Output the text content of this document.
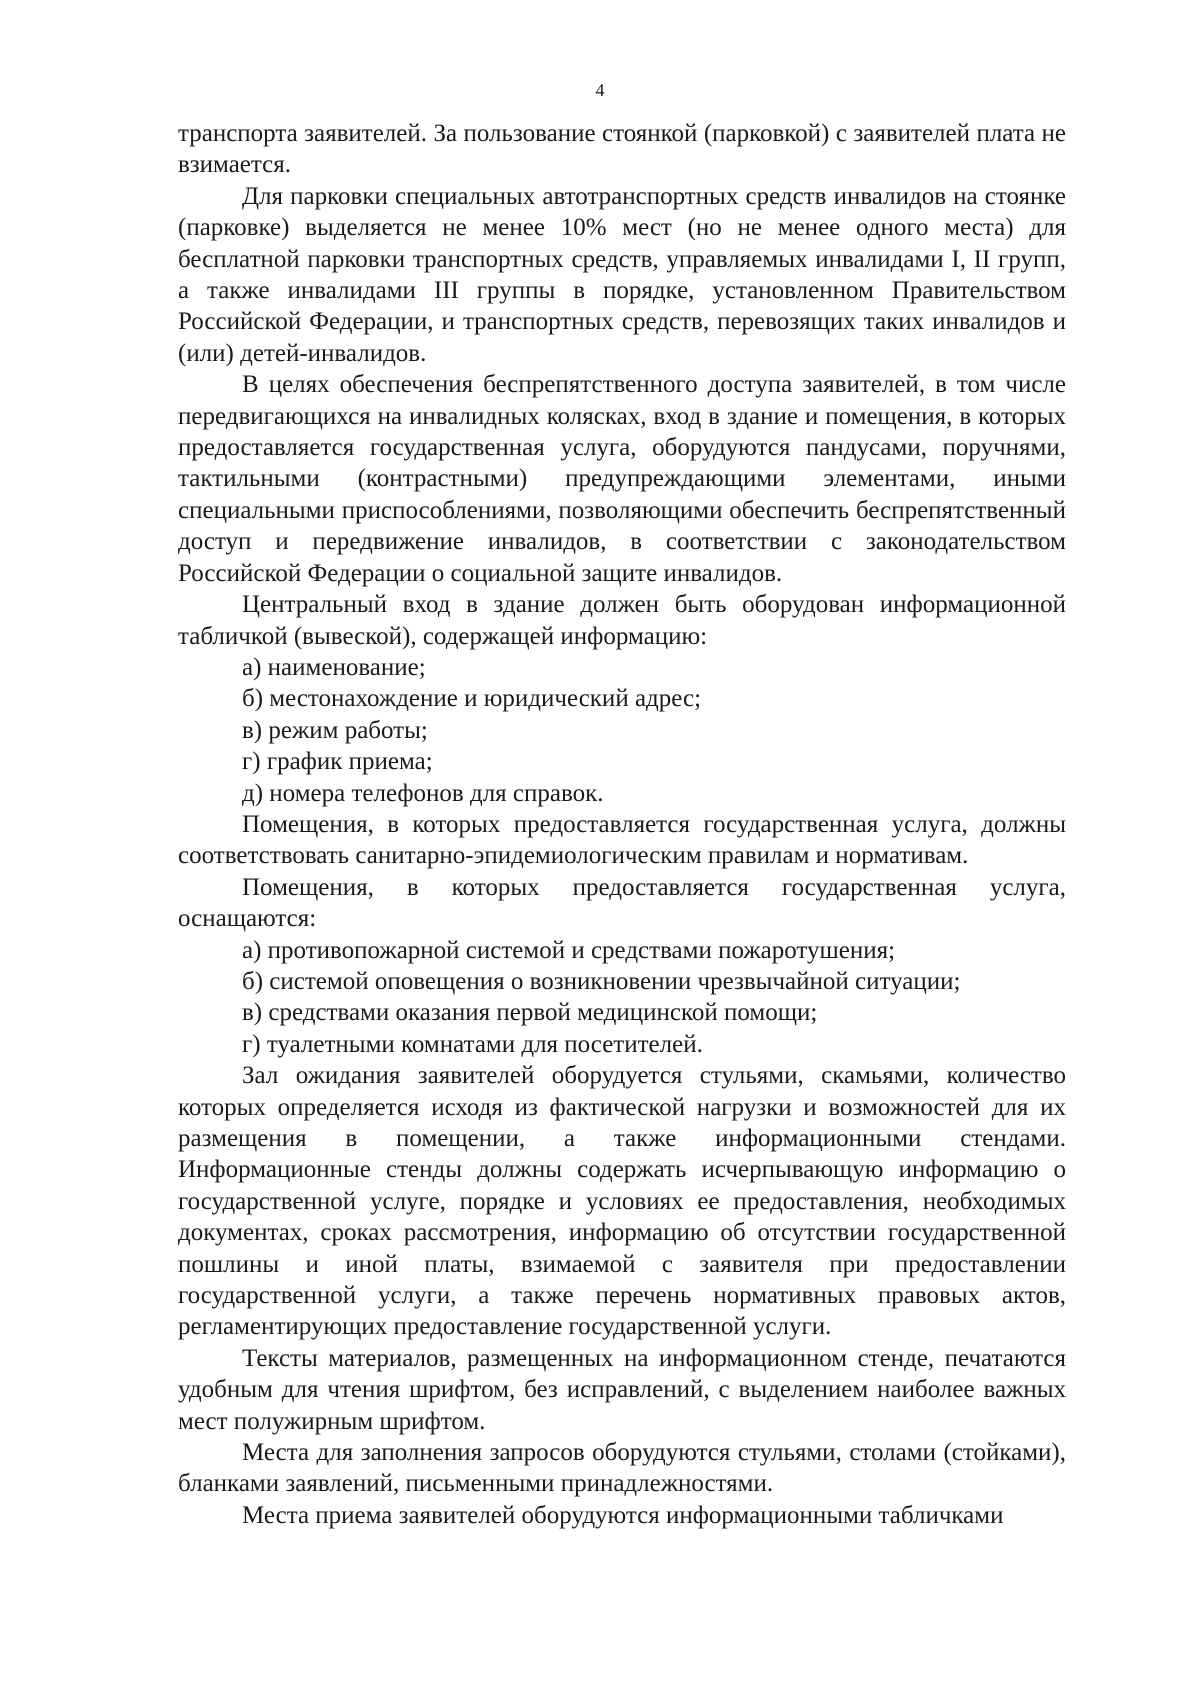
4

транспорта заявителей. За пользование стоянкой (парковкой) с заявителей плата не взимается.

Для парковки специальных автотранспортных средств инвалидов на стоянке (парковке) выделяется не менее 10% мест (но не менее одного места) для бесплатной парковки транспортных средств, управляемых инвалидами I, II групп, а также инвалидами III группы в порядке, установленном Правительством Российской Федерации, и транспортных средств, перевозящих таких инвалидов и (или) детей-инвалидов.

В целях обеспечения беспрепятственного доступа заявителей, в том числе передвигающихся на инвалидных колясках, вход в здание и помещения, в которых предоставляется государственная услуга, оборудуются пандусами, поручнями, тактильными (контрастными) предупреждающими элементами, иными специальными приспособлениями, позволяющими обеспечить беспрепятственный доступ и передвижение инвалидов, в соответствии с законодательством Российской Федерации о социальной защите инвалидов.

Центральный вход в здание должен быть оборудован информационной табличкой (вывеской), содержащей информацию:

а) наименование;

б) местонахождение и юридический адрес;

в) режим работы;

г) график приема;

д) номера телефонов для справок.

Помещения, в которых предоставляется государственная услуга, должны соответствовать санитарно-эпидемиологическим правилам и нормативам.

Помещения, в которых предоставляется государственная услуга, оснащаются:

а) противопожарной системой и средствами пожаротушения;

б) системой оповещения о возникновении чрезвычайной ситуации;

в) средствами оказания первой медицинской помощи;

г) туалетными комнатами для посетителей.

Зал ожидания заявителей оборудуется стульями, скамьями, количество которых определяется исходя из фактической нагрузки и возможностей для их размещения в помещении, а также информационными стендами. Информационные стенды должны содержать исчерпывающую информацию о государственной услуге, порядке и условиях ее предоставления, необходимых документах, сроках рассмотрения, информацию об отсутствии государственной пошлины и иной платы, взимаемой с заявителя при предоставлении государственной услуги, а также перечень нормативных правовых актов, регламентирующих предоставление государственной услуги.

Тексты материалов, размещенных на информационном стенде, печатаются удобным для чтения шрифтом, без исправлений, с выделением наиболее важных мест полужирным шрифтом.

Места для заполнения запросов оборудуются стульями, столами (стойками), бланками заявлений, письменными принадлежностями.

Места приема заявителей оборудуются информационными табличками
